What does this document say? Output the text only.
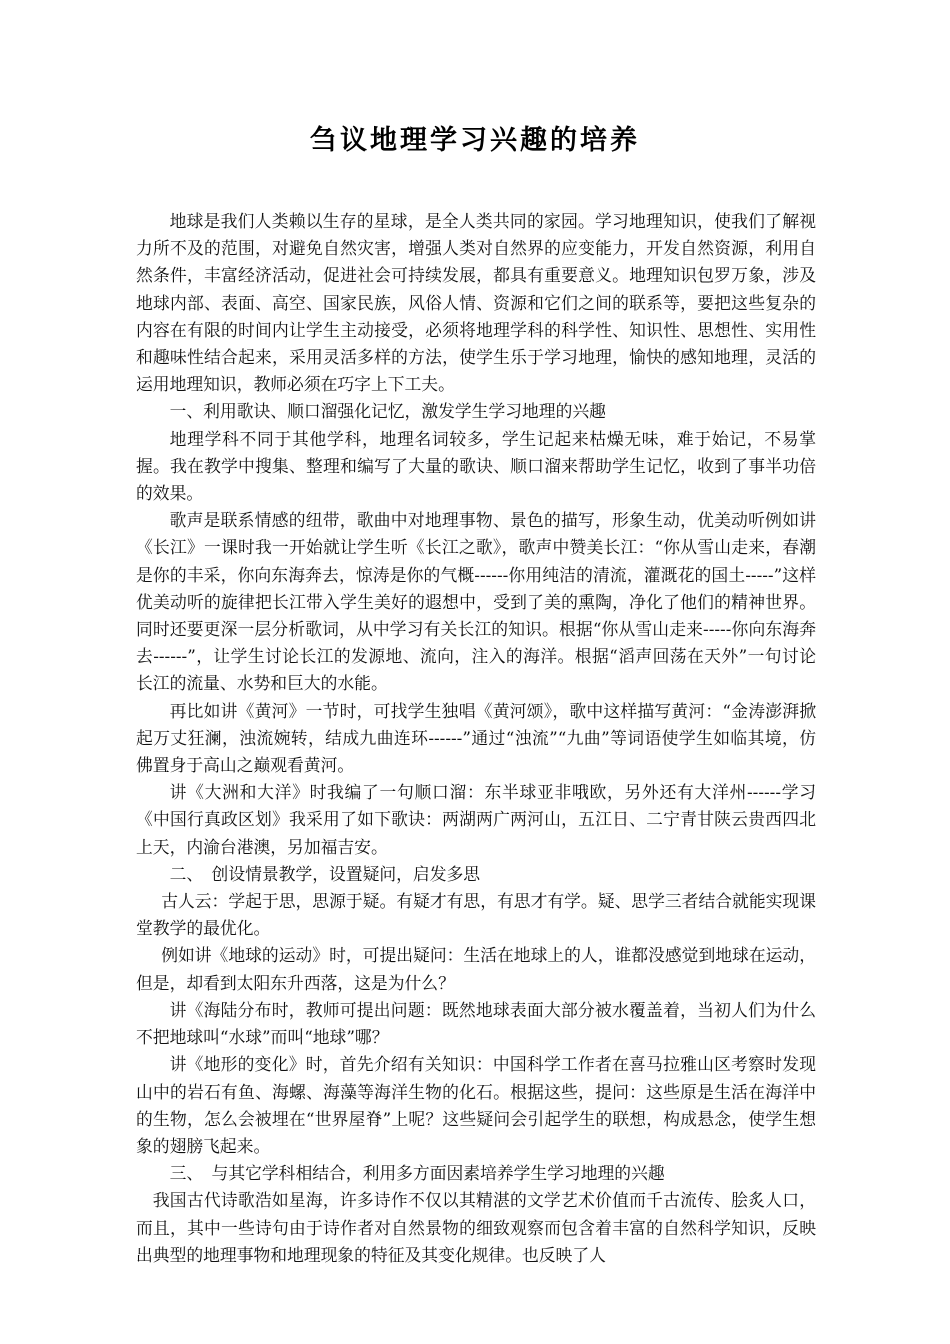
刍议地理学习兴趣的培养

地球是我们人类赖以生存的星球，是全人类共同的家园。学习地理知识，使我们了解视力所不及的范围，对避免自然灾害，增强人类对自然界的应变能力，开发自然资源，利用自然条件，丰富经济活动，促进社会可持续发展，都具有重要意义。地理知识包罗万象，涉及地球内部、表面、高空、国家民族，风俗人情、资源和它们之间的联系等，要把这些复杂的内容在有限的时间内让学生主动接受，必须将地理学科的科学性、知识性、思想性、实用性和趣味性结合起来，采用灵活多样的方法，使学生乐于学习地理，愉快的感知地理，灵活的运用地理知识，教师必须在巧字上下工夫。

一、利用歌诀、顺口溜强化记忆，激发学生学习地理的兴趣

地理学科不同于其他学科，地理名词较多，学生记起来枯燥无味，难于始记，不易掌握。我在教学中搜集、整理和编写了大量的歌诀、顺口溜来帮助学生记忆，收到了事半功倍的效果。

歌声是联系情感的纽带，歌曲中对地理事物、景色的描写，形象生动，优美动听例如讲《长江》一课时我一开始就让学生听《长江之歌》，歌声中赞美长江：“你从雪山走来，春潮是你的丰采，你向东海奔去，惊涛是你的气概------你用纯洁的清流，灌溉花的国土-----”这样优美动听的旋律把长江带入学生美好的遐想中，受到了美的熏陶，净化了他们的精神世界。同时还要更深一层分析歌词，从中学习有关长江的知识。根据“你从雪山走来-----你向东海奔去------”，让学生讨论长江的发源地、流向，注入的海洋。根据“滔声回荡在天外”一句讨论长江的流量、水势和巨大的水能。

再比如讲《黄河》一节时，可找学生独唱《黄河颂》，歌中这样描写黄河：“金涛澎湃掀起万丈狂澜，浊流婉转，结成九曲连环------”通过“浊流”“九曲”等词语使学生如临其境，仿佛置身于高山之巅观看黄河。

讲《大洲和大洋》时我编了一句顺口溜：东半球亚非哦欧，另外还有大洋州------学习《中国行真政区划》我采用了如下歌诀：两湖两广两河山，五江日、二宁青甘陕云贵西四北上天，内渝台港澳，另加福吉安。

二、　创设情景教学，设置疑问，启发多思

古人云：学起于思，思源于疑。有疑才有思，有思才有学。疑、思学三者结合就能实现课堂教学的最优化。

例如讲《地球的运动》时，可提出疑问：生活在地球上的人，谁都没感觉到地球在运动，但是，却看到太阳东升西落，这是为什么？

讲《海陆分布时，教师可提出问题：既然地球表面大部分被水覆盖着，当初人们为什么不把地球叫“水球”而叫“地球”哪？

讲《地形的变化》时，首先介绍有关知识：中国科学工作者在喜马拉雅山区考察时发现山中的岩石有鱼、海螺、海藻等海洋生物的化石。根据这些，提问：这些原是生活在海洋中的生物，怎么会被埋在“世界屋脊”上呢？这些疑问会引起学生的联想，构成悬念，使学生想象的翅膀飞起来。

三、　与其它学科相结合，利用多方面因素培养学生学习地理的兴趣

我国古代诗歌浩如星海，许多诗作不仅以其精湛的文学艺术价值而千古流传、脍炙人口，而且，其中一些诗句由于诗作者对自然景物的细致观察而包含着丰富的自然科学知识，反映出典型的地理事物和地理现象的特征及其变化规律。也反映了人
